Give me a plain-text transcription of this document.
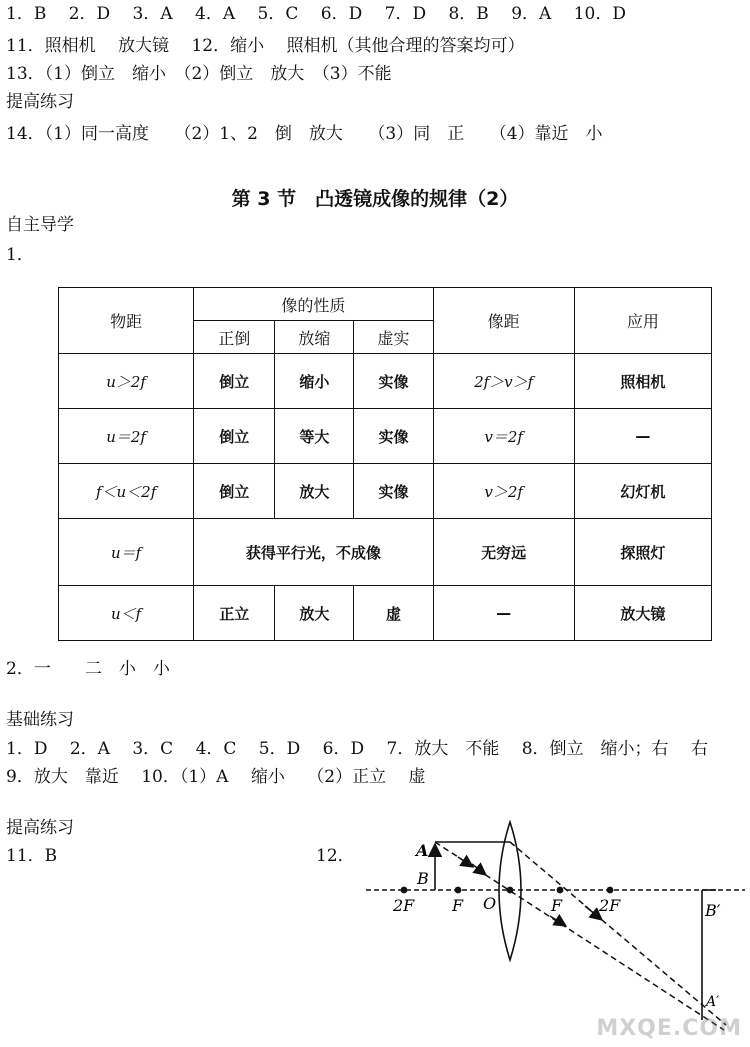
1．B　 2．D　 3．A　 4．A　 5．C　 6．D　 7．D　 8．B　 9．A　 10．D
11．照相机　 放大镜　 12．缩小　 照相机（其他合理的答案均可）
13．（1）倒立　缩小　（2）倒立　放大　（3）不能
提高练习
14．（1）同一高度　　（2）1、2　倒　放大　　（3）同　正　　（4）靠近　小
第 3 节　凸透镜成像的规律（2）
自主导学
1．
物距	像的性质			像距	应用
	正倒	放缩	虚实		
u＞2f	倒立	缩小	实像	2f＞v＞f	照相机
u＝2f	倒立	等大	实像	v＝2f	—
f＜u＜2f	倒立	放大	实像	v＞2f	幻灯机
u＝f	获得平行光，不成像			无穷远	探照灯
u＜f	正立	放大	虚	—	放大镜
2．一　　二　小　小
基础练习
1．D　 2．A　 3．C　 4．C　 5．D　 6．D　 7．放大　不能　 8．倒立　缩小；右　 右
9．放大　靠近　 10．（1）A　 缩小　 （2）正立　 虚
提高练习
11．B	12．	A
B
2F F O	F 2F	B′
A′
MXQE.COM
